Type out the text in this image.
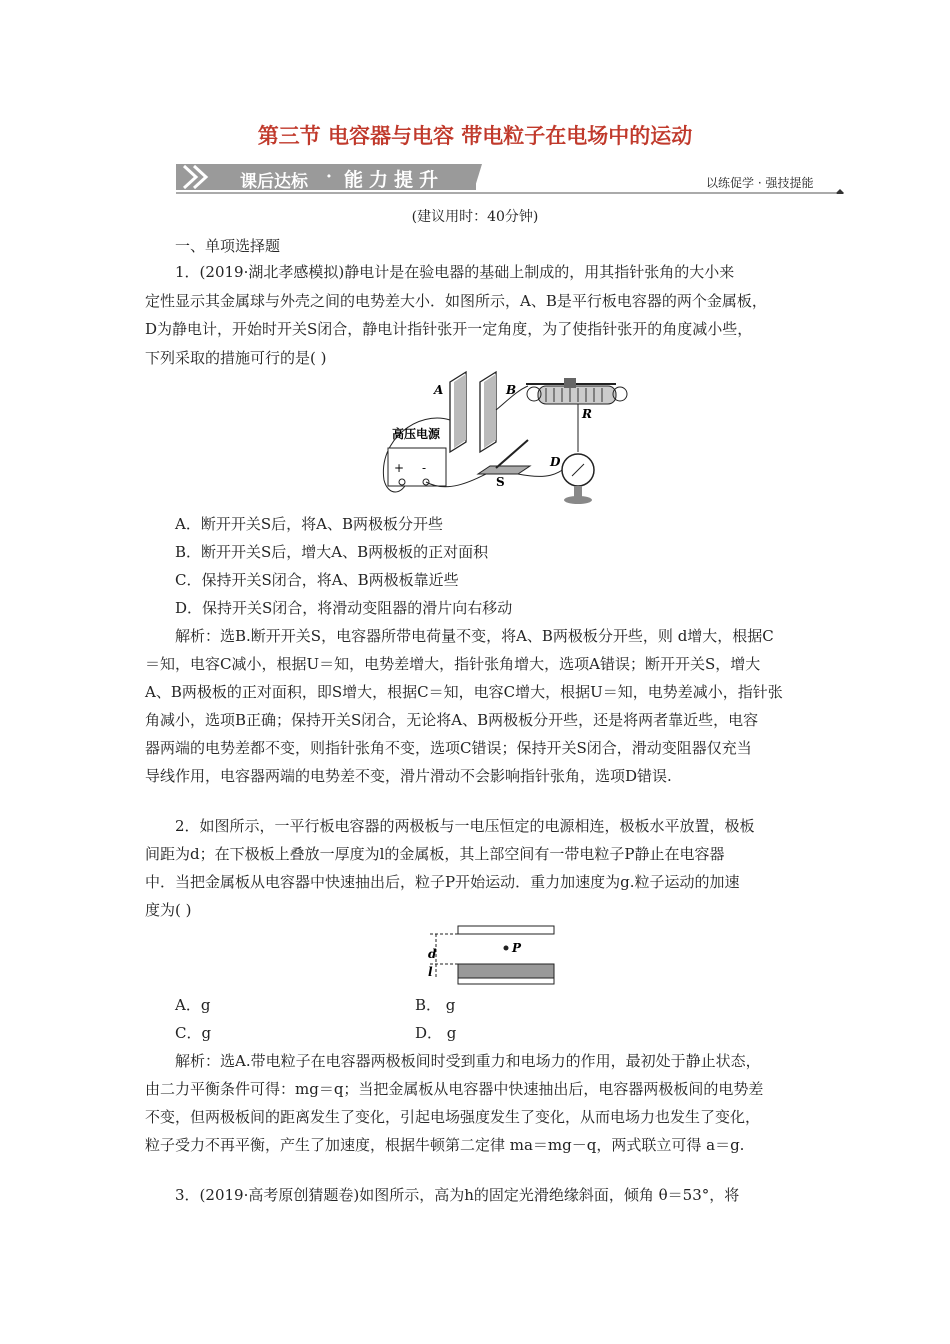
第三节 电容器与电容 带电粒子在电场中的运动
课后达标 · 能力提升	以练促学 · 强技提能
(建议用时：40分钟)
一、单项选择题
1．(2019·湖北孝感模拟)静电计是在验电器的基础上制成的，用其指针张角的大小来
定性显示其金属球与外壳之间的电势差大小．如图所示，A、B是平行板电容器的两个金属板，
D为静电计，开始时开关S闭合，静电计指针张开一定角度，为了使指针张开的角度减小些，
下列采取的措施可行的是( )
A	B
R
D
S
高压电源
+ -
A．断开开关S后，将A、B两极板分开些
B．断开开关S后，增大A、B两极板的正对面积
C．保持开关S闭合，将A、B两极板靠近些
D．保持开关S闭合，将滑动变阻器的滑片向右移动
解析：选B.断开开关S，电容器所带电荷量不变，将A、B两极板分开些，则 d增大，根据C
＝知，电容C减小，根据U＝知，电势差增大，指针张角增大，选项A错误；断开开关S，增大
A、B两极板的正对面积，即S增大，根据C＝知，电容C增大，根据U＝知，电势差减小，指针张
角减小，选项B正确；保持开关S闭合，无论将A、B两极板分开些，还是将两者靠近些，电容
器两端的电势差都不变，则指针张角不变，选项C错误；保持开关S闭合，滑动变阻器仅充当
导线作用，电容器两端的电势差不变，滑片滑动不会影响指针张角，选项D错误.
2．如图所示，一平行板电容器的两极板与一电压恒定的电源相连，极板水平放置，极板
间距为d；在下极板上叠放一厚度为l的金属板，其上部空间有一带电粒子P静止在电容器
中．当把金属板从电容器中快速抽出后，粒子P开始运动．重力加速度为g.粒子运动的加速
度为( )
d
l
P
A．g	B． g
C．g	D． g
解析：选A.带电粒子在电容器两极板间时受到重力和电场力的作用，最初处于静止状态，
由二力平衡条件可得：mg＝q；当把金属板从电容器中快速抽出后，电容器两极板间的电势差
不变，但两极板间的距离发生了变化，引起电场强度发生了变化，从而电场力也发生了变化，
粒子受力不再平衡，产生了加速度，根据牛顿第二定律 ma＝mg－q，两式联立可得 a＝g.
3．(2019·高考原创猜题卷)如图所示，高为h的固定光滑绝缘斜面，倾角 θ＝53°，将
